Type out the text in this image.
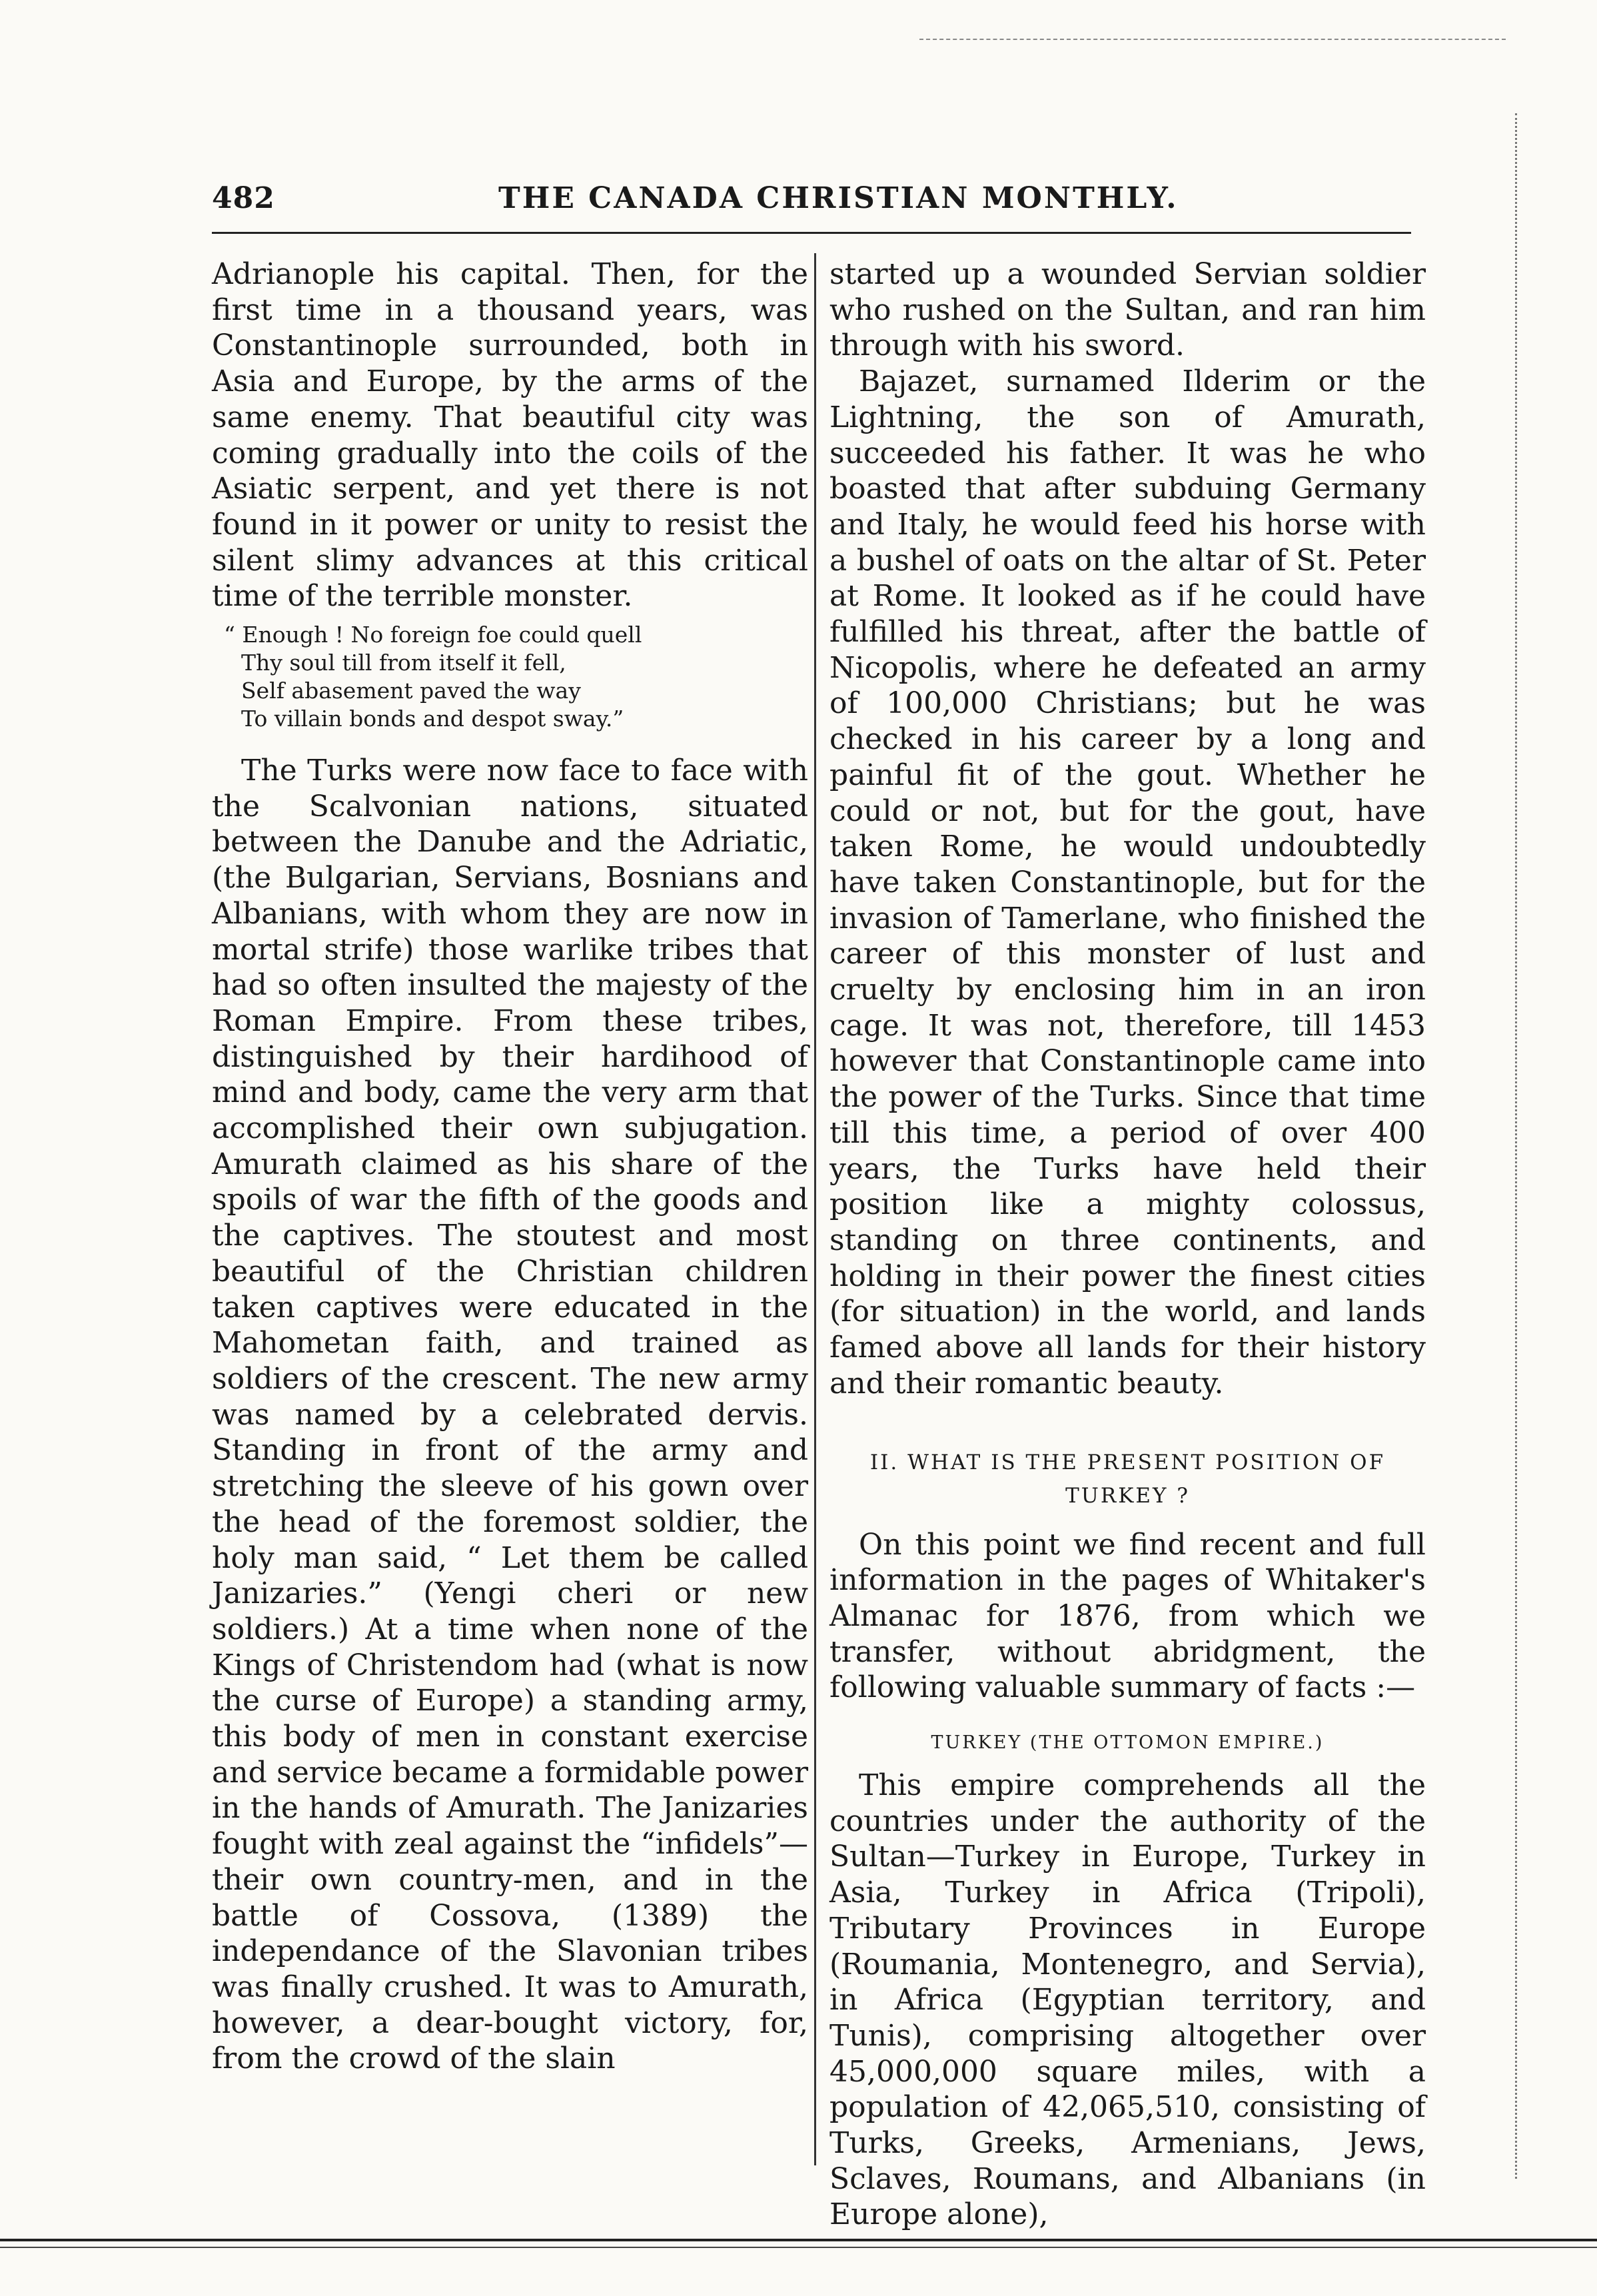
482	THE CANADA CHRISTIAN MONTHLY.

Adrianople his capital. Then, for the first time in a thousand years, was Constantinople surrounded, both in Asia and Europe, by the arms of the same enemy. That beautiful city was coming gradually into the coils of the Asiatic serpent, and yet there is not found in it power or unity to resist the silent slimy advances at this critical time of the terrible monster.

“ Enough ! No foreign foe could quell
Thy soul till from itself it fell,
Self abasement paved the way
To villain bonds and despot sway.”

The Turks were now face to face with the Scalvonian nations, situated between the Danube and the Adriatic, (the Bulgarian, Servians, Bosnians and Albanians, with whom they are now in mortal strife) those warlike tribes that had so often insulted the majesty of the Roman Empire. From these tribes, distinguished by their hardihood of mind and body, came the very arm that accomplished their own subjugation. Amurath claimed as his share of the spoils of war the fifth of the goods and the captives. The stoutest and most beautiful of the Christian children taken captives were educated in the Mahometan faith, and trained as soldiers of the crescent. The new army was named by a celebrated dervis. Standing in front of the army and stretching the sleeve of his gown over the head of the foremost soldier, the holy man said, “ Let them be called Janizaries.” (Yengi cheri or new soldiers.) At a time when none of the Kings of Christendom had (what is now the curse of Europe) a standing army, this body of men in constant exercise and service became a formidable power in the hands of Amurath. The Janizaries fought with zeal against the “infidels”—their own country-men, and in the battle of Cossova, (1389) the independance of the Slavonian tribes was finally crushed. It was to Amurath, however, a dear-bought victory, for, from the crowd of the slain

started up a wounded Servian soldier who rushed on the Sultan, and ran him through with his sword.

Bajazet, surnamed Ilderim or the Lightning, the son of Amurath, succeeded his father. It was he who boasted that after subduing Germany and Italy, he would feed his horse with a bushel of oats on the altar of St. Peter at Rome. It looked as if he could have fulfilled his threat, after the battle of Nicopolis, where he defeated an army of 100,000 Christians; but he was checked in his career by a long and painful fit of the gout. Whether he could or not, but for the gout, have taken Rome, he would undoubtedly have taken Constantinople, but for the invasion of Tamerlane, who finished the career of this monster of lust and cruelty by enclosing him in an iron cage. It was not, therefore, till 1453 however that Constantinople came into the power of the Turks. Since that time till this time, a period of over 400 years, the Turks have held their position like a mighty colossus, standing on three continents, and holding in their power the finest cities (for situation) in the world, and lands famed above all lands for their history and their romantic beauty.

II. WHAT IS THE PRESENT POSITION OF TURKEY ?

On this point we find recent and full information in the pages of Whitaker's Almanac for 1876, from which we transfer, without abridgment, the following valuable summary of facts :—

TURKEY (THE OTTOMON EMPIRE.)

This empire comprehends all the countries under the authority of the Sultan—Turkey in Europe, Turkey in Asia, Turkey in Africa (Tripoli), Tributary Provinces in Europe (Roumania, Montenegro, and Servia), in Africa (Egyptian territory, and Tunis), comprising altogether over 45,000,000 square miles, with a population of 42,065,510, consisting of Turks, Greeks, Armenians, Jews, Sclaves, Roumans, and Albanians (in Europe alone),
